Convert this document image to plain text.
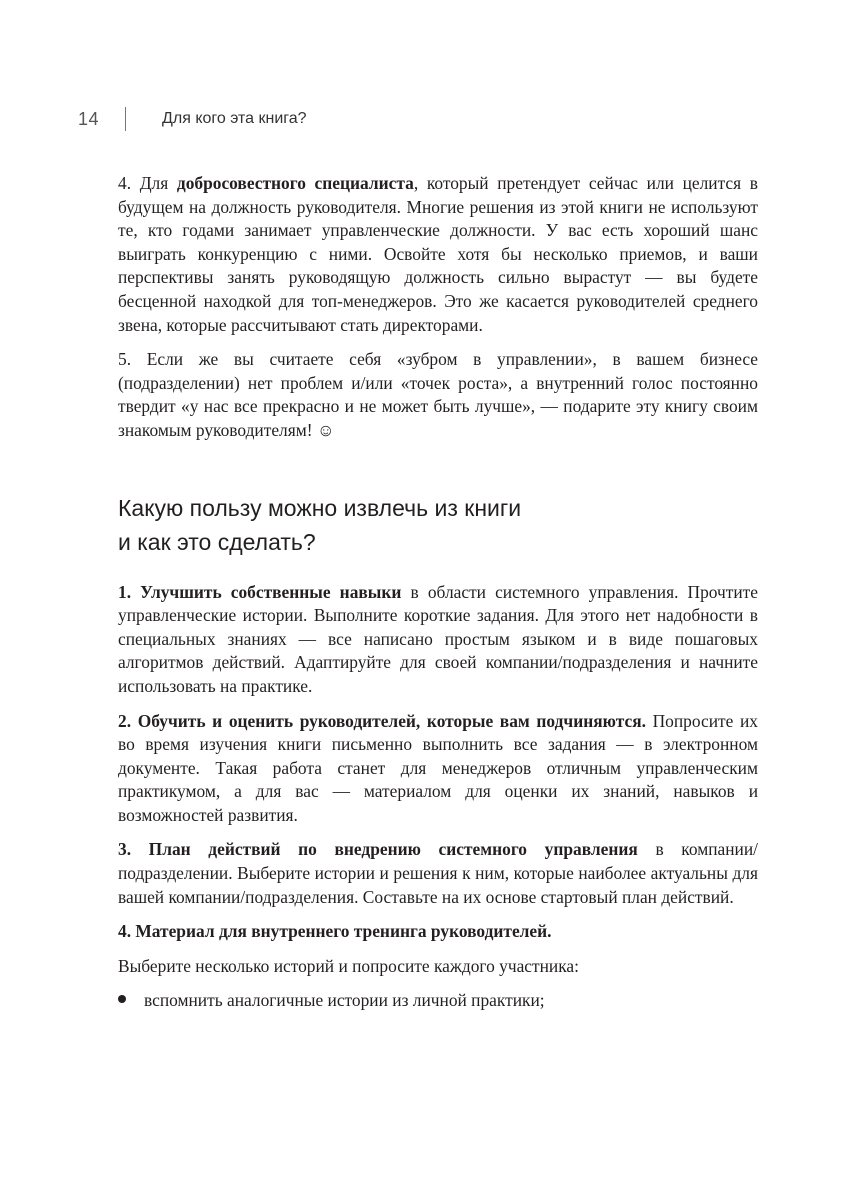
14	Для кого эта книга?

4. Для добросовестного специалиста, который претендует сейчас или целится в будущем на должность руководителя. Многие решения из этой книги не используют те, кто годами занимает управленческие должности. У вас есть хороший шанс выиграть конкуренцию с ними. Освойте хотя бы несколько приемов, и ваши перспективы занять руководящую должность сильно вырастут — вы будете бесценной находкой для топ-менеджеров. Это же касается руководителей среднего звена, которые рассчитывают стать директорами.

5. Если же вы считаете себя «зубром в управлении», в вашем бизнесе (подразделении) нет проблем и/или «точек роста», а внутренний голос постоянно твердит «у нас все прекрасно и не может быть лучше», — подарите эту книгу своим знакомым руководителям! ☺

Какую пользу можно извлечь из книги
и как это сделать?

1. Улучшить собственные навыки в области системного управления. Прочтите управленческие истории. Выполните короткие задания. Для этого нет надобности в специальных знаниях — все написано простым языком и в виде пошаговых алгоритмов действий. Адаптируйте для своей компании/подразделения и начните использовать на практике.

2. Обучить и оценить руководителей, которые вам подчиняются. Попросите их во время изучения книги письменно выполнить все задания — в электронном документе. Такая работа станет для менеджеров отличным управленческим практикумом, а для вас — материалом для оценки их знаний, навыков и возможностей развития.

3. План действий по внедрению системного управления в компании/подразделении. Выберите истории и решения к ним, которые наиболее актуальны для вашей компании/подразделения. Составьте на их основе стартовый план действий.

4. Материал для внутреннего тренинга руководителей.

Выберите несколько историй и попросите каждого участника:

вспомнить аналогичные истории из личной практики;
